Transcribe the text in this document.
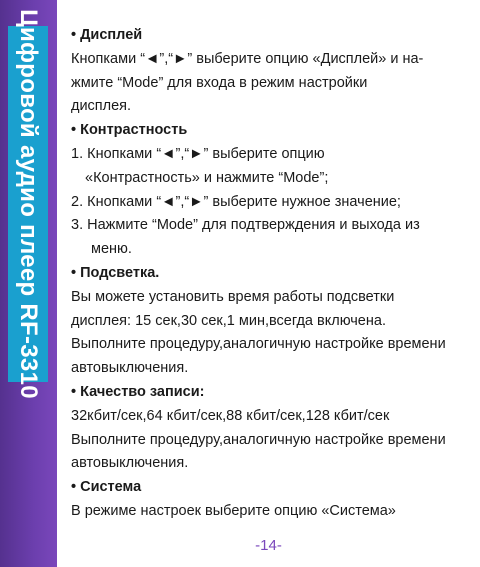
Цифровой аудио плеер RF-3310 • Дисплей
Кнопками “◄”,“►” выберите опцию «Дисплей» и на-
жмите “Mode” для входа в режим настройки
дисплея.
• Контрастность
1. Кнопками “◄”,“►” выберите опцию
«Контрастность» и нажмите “Mode”;
2. Кнопками “◄”,“►” выберите нужное значение;
3. Нажмите “Mode” для подтверждения и выхода из
меню.
• Подсветка.
Вы можете установить время работы подсветки
дисплея: 15 сек,30 сек,1 мин,всегда включена.
Выполните процедуру,аналогичную настройке времени
автовыключения.
• Качество записи:
32кбит/сек,64 кбит/сек,88 кбит/сек,128 кбит/сек
Выполните процедуру,аналогичную настройке времени
автовыключения.
• Система
В режиме настроек выберите опцию «Система»
-14-
